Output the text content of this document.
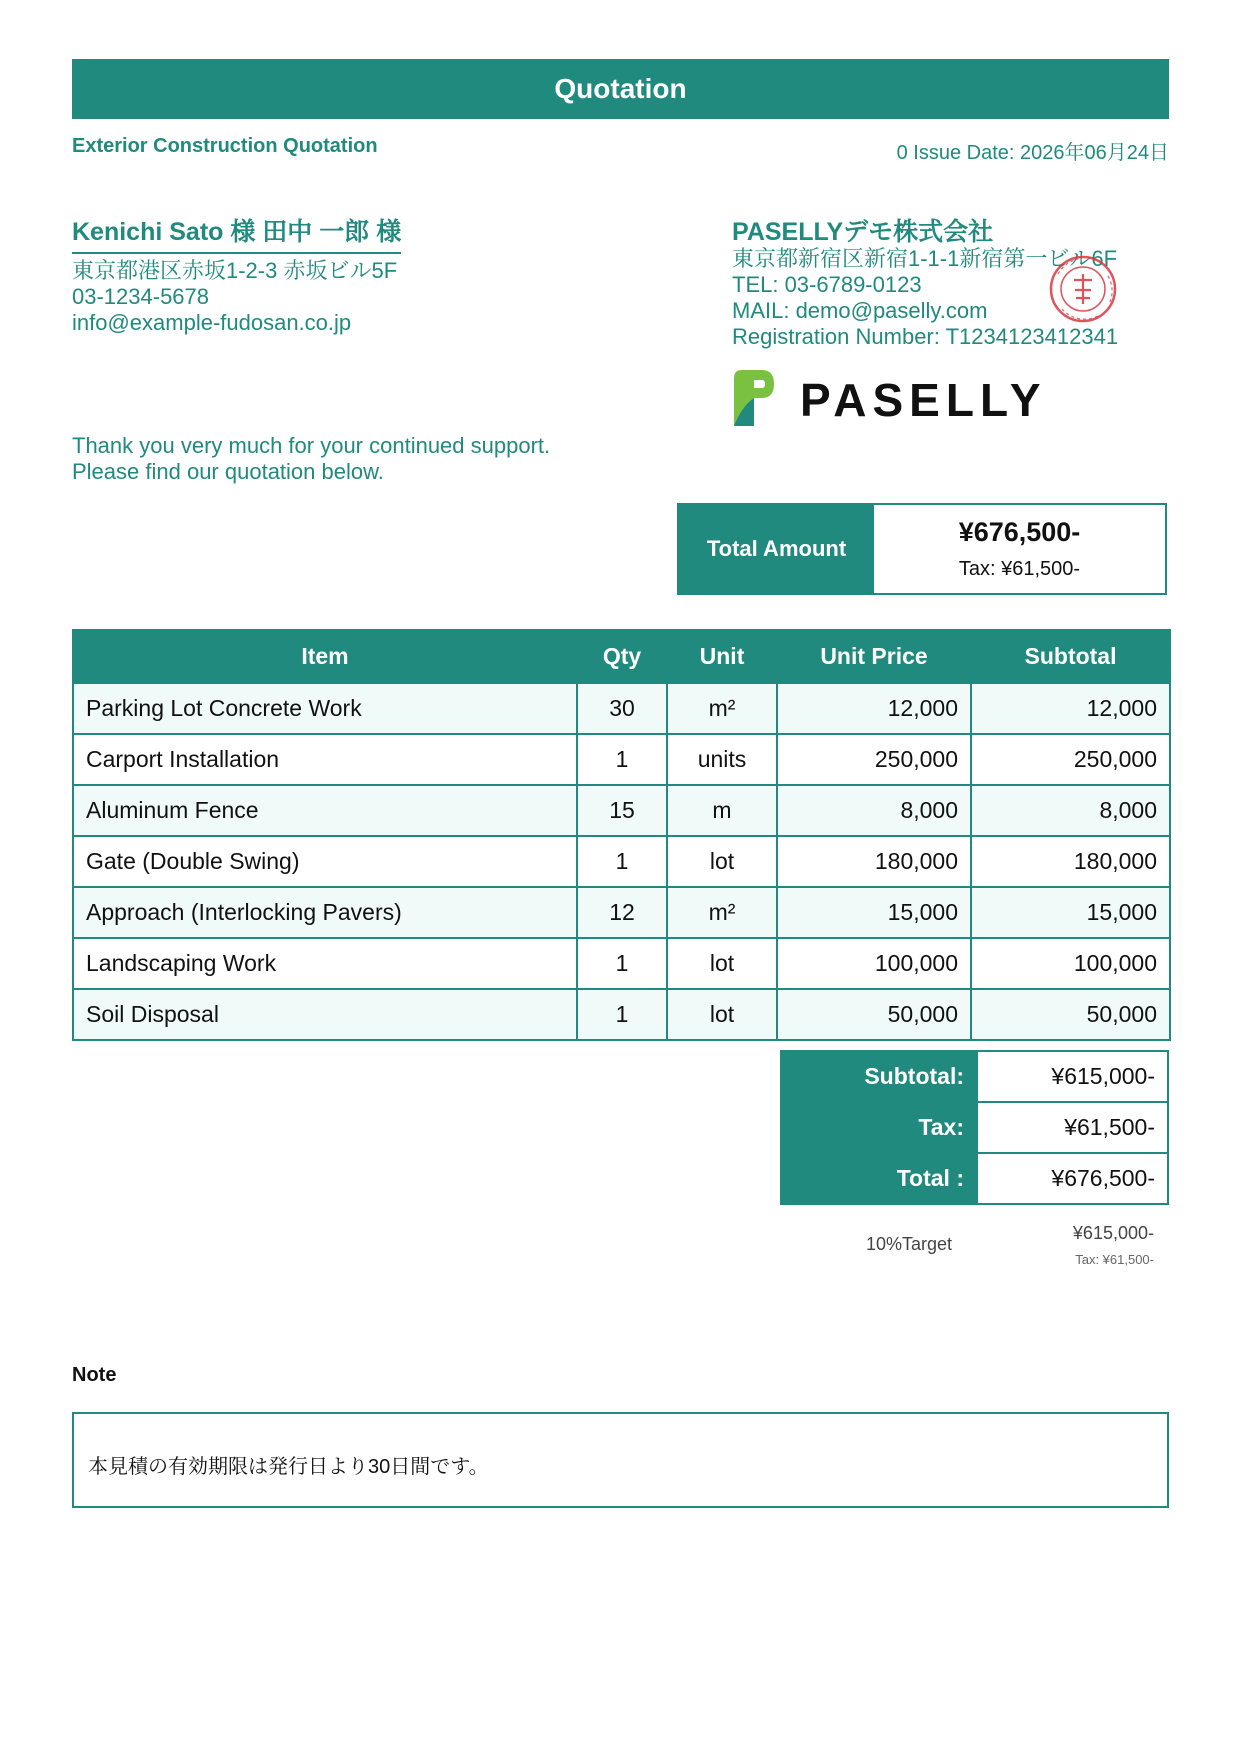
Quotation
Exterior Construction Quotation	0 Issue Date: 2026年06月24日
Kenichi Sato 様 田中 一郎 様
東京都港区赤坂1-2-3 赤坂ビル5F
03-1234-5678
info@example-fudosan.co.jp
PASELLYデモ株式会社
東京都新宿区新宿1-1-1新宿第一ビル6F
TEL: 03-6789-0123
MAIL: demo@paselly.com
Registration Number: T1234123412341
PASELLY
Thank you very much for your continued support.
Please find our quotation below.
Total Amount
¥676,500-
Tax: ¥61,500-
Item	Qty	Unit	Unit Price	Subtotal
Parking Lot Concrete Work	30	m²	12,000	12,000
Carport Installation	1	units	250,000	250,000
Aluminum Fence	15	m	8,000	8,000
Gate (Double Swing)	1	lot	180,000	180,000
Approach (Interlocking Pavers)	12	m²	15,000	15,000
Landscaping Work	1	lot	100,000	100,000
Soil Disposal	1	lot	50,000	50,000
Subtotal:	¥615,000-
Tax:	¥61,500-
Total :	¥676,500-
10%Target
¥615,000-
Tax: ¥61,500-
Note
本見積の有効期限は発行日より30日間です。
